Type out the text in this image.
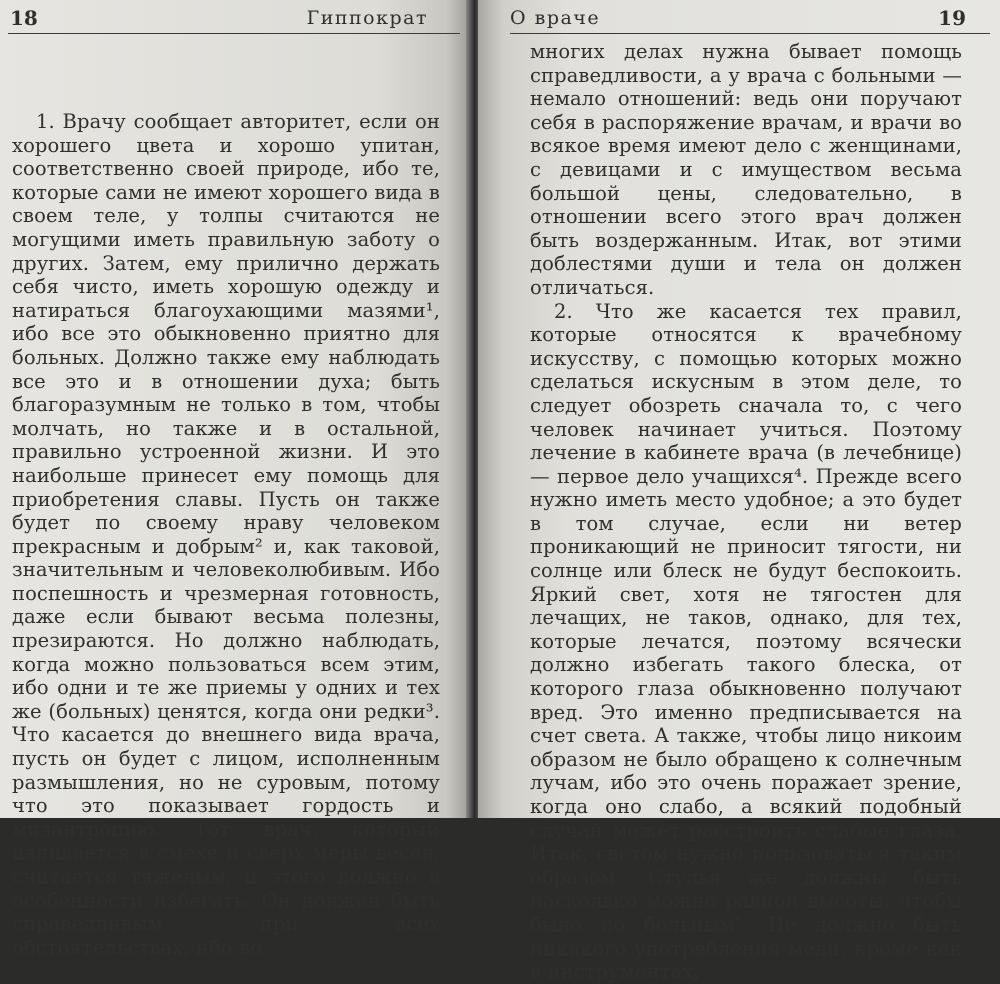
18	Гиппократ

1. Врачу сообщает авторитет, если он хорошего цвета и хорошо упитан, соответственно своей природе, ибо те, которые сами не имеют хорошего вида в своем теле, у толпы считаются не могущими иметь правильную заботу о других. Затем, ему прилично держать себя чисто, иметь хорошую одежду и натираться благоухающими мазями¹, ибо все это обыкновенно приятно для больных. Должно также ему наблюдать все это и в отношении духа; быть благоразумным не только в том, чтобы молчать, но также и в остальной, правильно устроенной жизни. И это наибольше принесет ему помощь для приобретения славы. Пусть он также будет по своему нраву человеком прекрасным и добрым² и, как таковой, значительным и человеколюбивым. Ибо поспешность и чрезмерная готовность, даже если бывают весьма полезны, презираются. Но должно наблюдать, когда можно пользоваться всем этим, ибо одни и те же приемы у одних и тех же (больных) ценятся, когда они редки³. Что касается до внешнего вида врача, пусть он будет с лицом, исполненным размышления, но не суровым, потому что это показывает гордость и мизантропию. Тот врач, который изливается в смехе и сверх меры весел, считается тяжелым, и этого должно в особенности избегать. Он должен быть справедливым при всех обстоятельствах, ибо во

О враче	19

многих делах нужна бывает помощь справедливости, а у врача с больными — немало отношений: ведь они поручают себя в распоряжение врачам, и врачи во всякое время имеют дело с женщинами, с девицами и с имуществом весьма большой цены, следовательно, в отношении всего этого врач должен быть воздержанным. Итак, вот этими доблестями души и тела он должен отличаться.

2. Что же касается тех правил, которые относятся к врачебному искусству, с помощью которых можно сделаться искусным в этом деле, то следует обозреть сначала то, с чего человек начинает учиться. Поэтому лечение в кабинете врача (в лечебнице) — первое дело учащихся⁴. Прежде всего нужно иметь место удобное; а это будет в том случае, если ни ветер проникающий не приносит тягости, ни солнце или блеск не будут беспокоить. Яркий свет, хотя не тягостен для лечащих, не таков, однако, для тех, которые лечатся, поэтому всячески должно избегать такого блеска, от которого глаза обыкновенно получают вред. Это именно предписывается на счет света. А также, чтобы лицо никоим образом не было обращено к солнечным лучам, ибо это очень поражает зрение, когда оно слабо, а всякий подобный случай может расстроить слабые глаза. Итак, светом нужно пользоваться таким образом. Стулья же должны быть насколько можно равной высоты, чтобы было по больным⁵. Не должно быть никакого употребления меди, кроме как в инструментах,
